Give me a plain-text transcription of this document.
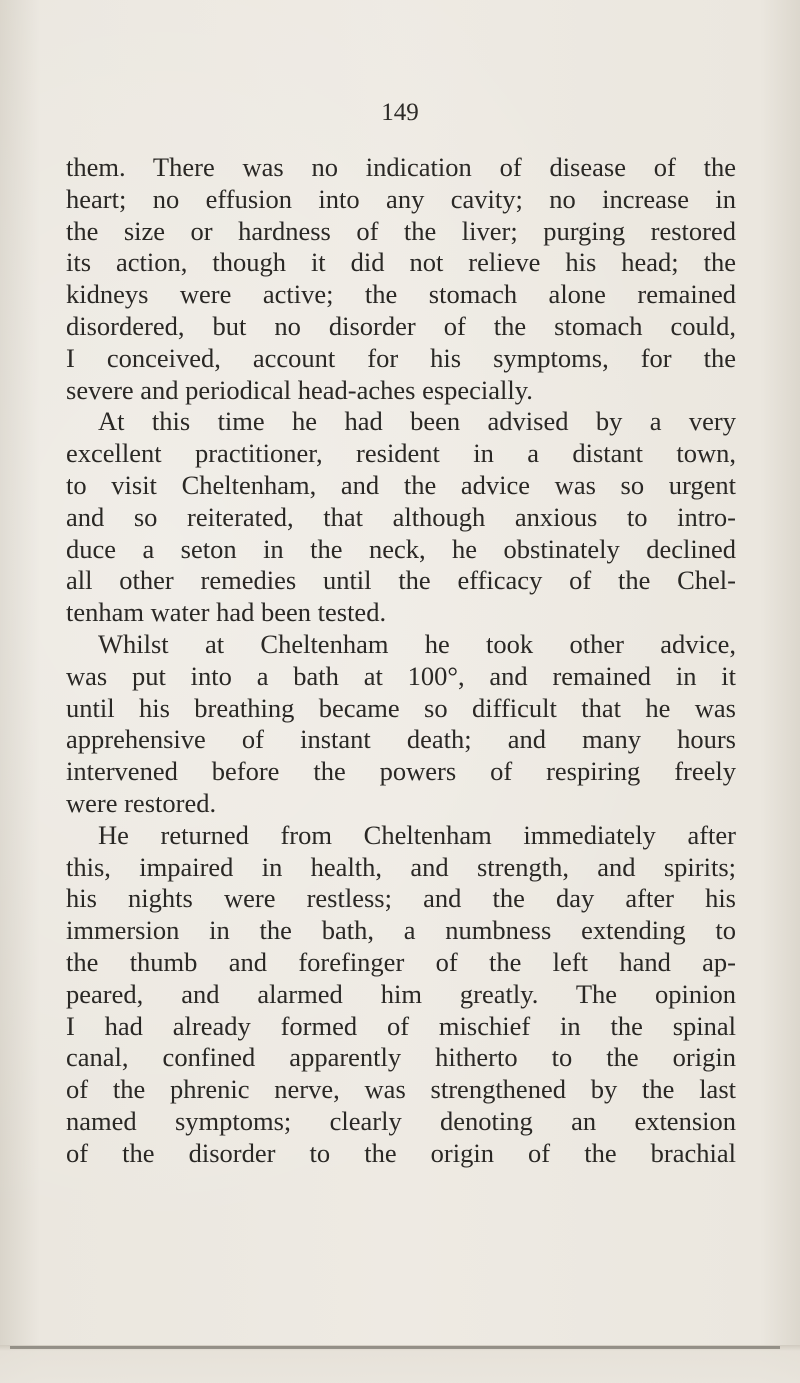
149
them. There was no indication of disease of the
heart; no effusion into any cavity; no increase in
the size or hardness of the liver; purging restored
its action, though it did not relieve his head; the
kidneys were active; the stomach alone remained
disordered, but no disorder of the stomach could,
I conceived, account for his symptoms, for the
severe and periodical head-aches especially.
At this time he had been advised by a very
excellent practitioner, resident in a distant town,
to visit Cheltenham, and the advice was so urgent
and so reiterated, that although anxious to intro-
duce a seton in the neck, he obstinately declined
all other remedies until the efficacy of the Chel-
tenham water had been tested.
Whilst at Cheltenham he took other advice,
was put into a bath at 100°, and remained in it
until his breathing became so difficult that he was
apprehensive of instant death; and many hours
intervened before the powers of respiring freely
were restored.
He returned from Cheltenham immediately after
this, impaired in health, and strength, and spirits;
his nights were restless; and the day after his
immersion in the bath, a numbness extending to
the thumb and forefinger of the left hand ap-
peared, and alarmed him greatly. The opinion
I had already formed of mischief in the spinal
canal, confined apparently hitherto to the origin
of the phrenic nerve, was strengthened by the last
named symptoms; clearly denoting an extension
of the disorder to the origin of the brachial
